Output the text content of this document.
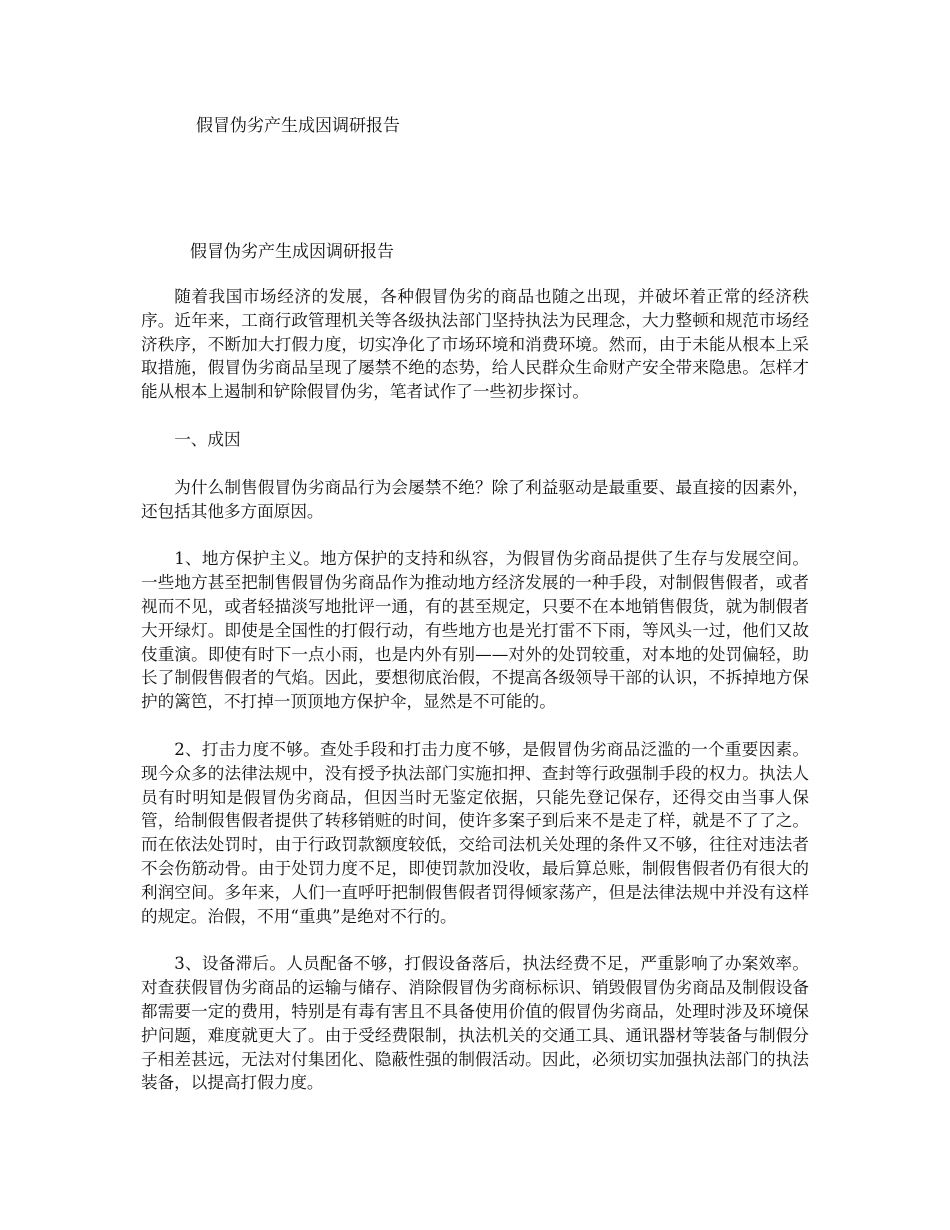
假冒伪劣产生成因调研报告
假冒伪劣产生成因调研报告

随着我国市场经济的发展，各种假冒伪劣的商品也随之出现，并破坏着正常的经济秩序。近年来，工商行政管理机关等各级执法部门坚持执法为民理念，大力整顿和规范市场经济秩序，不断加大打假力度，切实净化了市场环境和消费环境。然而，由于未能从根本上采取措施，假冒伪劣商品呈现了屡禁不绝的态势，给人民群众生命财产安全带来隐患。怎样才能从根本上遏制和铲除假冒伪劣，笔者试作了一些初步探讨。

一、成因

为什么制售假冒伪劣商品行为会屡禁不绝？除了利益驱动是最重要、最直接的因素外，还包括其他多方面原因。

1、地方保护主义。地方保护的支持和纵容，为假冒伪劣商品提供了生存与发展空间。一些地方甚至把制售假冒伪劣商品作为推动地方经济发展的一种手段，对制假售假者，或者视而不见，或者轻描淡写地批评一通，有的甚至规定，只要不在本地销售假货，就为制假者大开绿灯。即使是全国性的打假行动，有些地方也是光打雷不下雨，等风头一过，他们又故伎重演。即使有时下一点小雨，也是内外有别——对外的处罚较重，对本地的处罚偏轻，助长了制假售假者的气焰。因此，要想彻底治假，不提高各级领导干部的认识，不拆掉地方保护的篱笆，不打掉一顶顶地方保护伞，显然是不可能的。

2、打击力度不够。查处手段和打击力度不够，是假冒伪劣商品泛滥的一个重要因素。现今众多的法律法规中，没有授予执法部门实施扣押、查封等行政强制手段的权力。执法人员有时明知是假冒伪劣商品，但因当时无鉴定依据，只能先登记保存，还得交由当事人保管，给制假售假者提供了转移销赃的时间，使许多案子到后来不是走了样，就是不了了之。而在依法处罚时，由于行政罚款额度较低，交给司法机关处理的条件又不够，往往对违法者不会伤筋动骨。由于处罚力度不足，即使罚款加没收，最后算总账，制假售假者仍有很大的利润空间。多年来，人们一直呼吁把制假售假者罚得倾家荡产，但是法律法规中并没有这样的规定。治假，不用“重典”是绝对不行的。

3、设备滞后。人员配备不够，打假设备落后，执法经费不足，严重影响了办案效率。对查获假冒伪劣商品的运输与储存、消除假冒伪劣商标标识、销毁假冒伪劣商品及制假设备都需要一定的费用，特别是有毒有害且不具备使用价值的假冒伪劣商品，处理时涉及环境保护问题，难度就更大了。由于受经费限制，执法机关的交通工具、通讯器材等装备与制假分子相差甚远，无法对付集团化、隐蔽性强的制假活动。因此，必须切实加强执法部门的执法装备，以提高打假力度。
